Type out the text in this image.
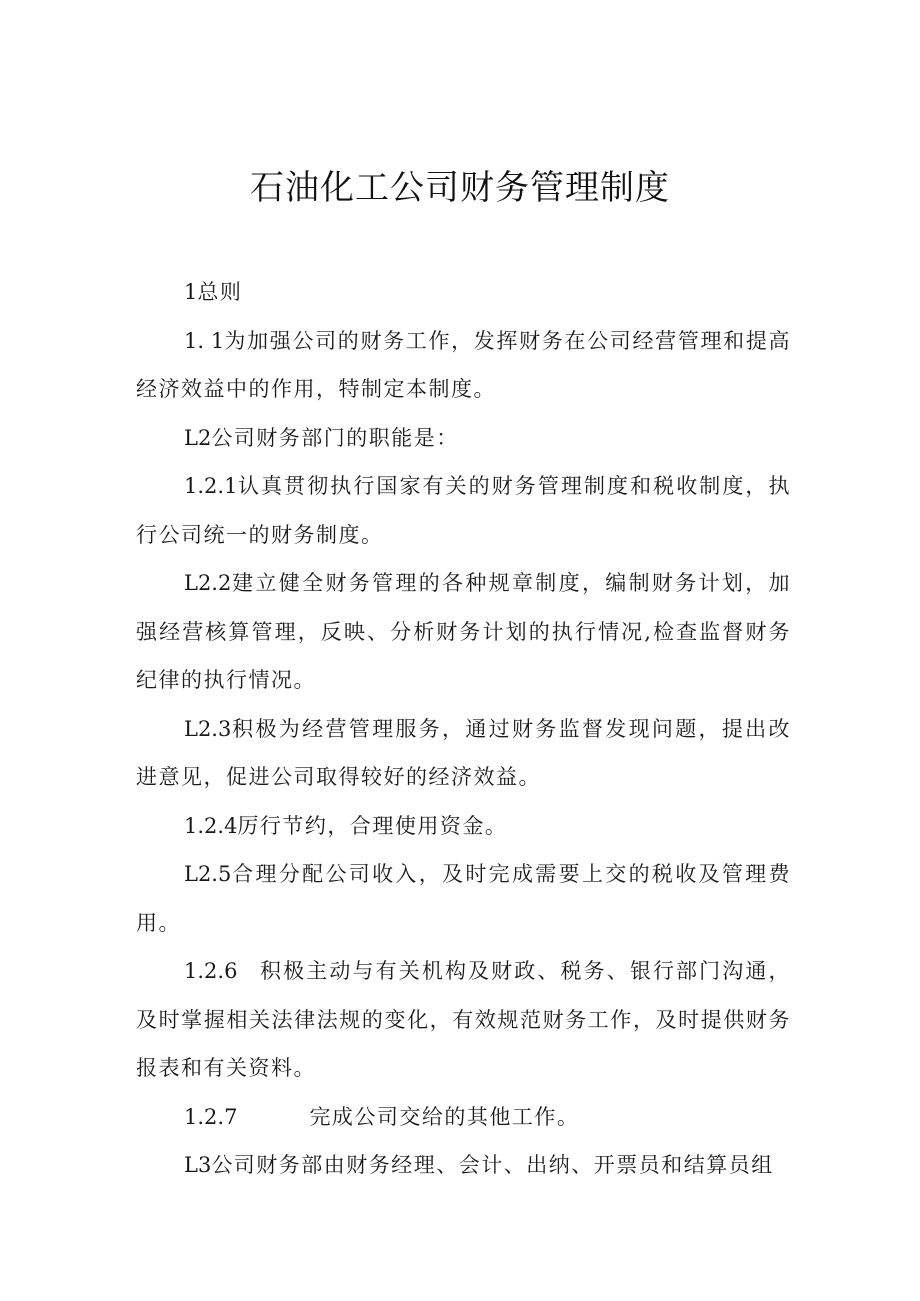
石油化工公司财务管理制度

1总则

1. 1为加强公司的财务工作，发挥财务在公司经营管理和提高经济效益中的作用，特制定本制度。

L2公司财务部门的职能是：

1.2.1认真贯彻执行国家有关的财务管理制度和税收制度，执行公司统一的财务制度。

L2.2建立健全财务管理的各种规章制度，编制财务计划，加强经营核算管理，反映、分析财务计划的执行情况,检查监督财务纪律的执行情况。

L2.3积极为经营管理服务，通过财务监督发现问题，提出改进意见，促进公司取得较好的经济效益。

1.2.4厉行节约，合理使用资金。

L2.5合理分配公司收入，及时完成需要上交的税收及管理费用。

1.2.6 积极主动与有关机构及财政、税务、银行部门沟通，及时掌握相关法律法规的变化，有效规范财务工作，及时提供财务报表和有关资料。

1.2.7	完成公司交给的其他工作。

L3公司财务部由财务经理、会计、出纳、开票员和结算员组
